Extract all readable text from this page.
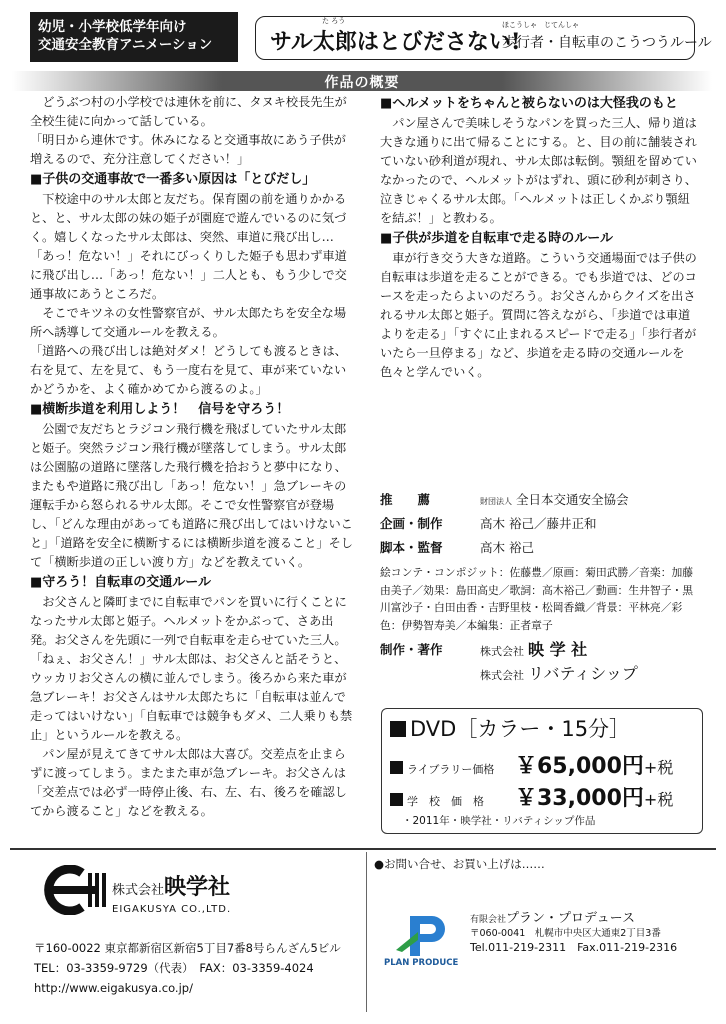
幼児・小学校低学年向け
交通安全教育アニメーション
た ろう
サル太郎はとびださない!
ほこうしゃ　じてんしゃ
歩行者・自転車のこうつうルール
作品の概要

どうぶつ村の小学校では連休を前に、タヌキ校長先生が全校生徒に向かって話している。

「明日から連休です。休みになると交通事故にあう子供が増えるので、充分注意してください！」

■子供の交通事故で一番多い原因は「とびだし」

下校途中のサル太郎と友だち。保育園の前を通りかかると、と、サル太郎の妹の姫子が園庭で遊んでいるのに気づく。嬉しくなったサル太郎は、突然、車道に飛び出し…「あっ！危ない！」それにびっくりした姫子も思わず車道に飛び出し…「あっ！危ない！」二人とも、もう少しで交通事故にあうところだ。

そこでキツネの女性警察官が、サル太郎たちを安全な場所へ誘導して交通ルールを教える。

「道路への飛び出しは絶対ダメ！どうしても渡るときは、右を見て、左を見て、もう一度右を見て、車が来ていないかどうかを、よく確かめてから渡るのよ。」

■横断歩道を利用しよう！　信号を守ろう！

公園で友だちとラジコン飛行機を飛ばしていたサル太郎と姫子。突然ラジコン飛行機が墜落してしまう。サル太郎は公園脇の道路に墜落した飛行機を拾おうと夢中になり、またもや道路に飛び出し「あっ！危ない！」急ブレーキの運転手から怒られるサル太郎。そこで女性警察官が登場し、「どんな理由があっても道路に飛び出してはいけないこと」「道路を安全に横断するには横断歩道を渡ること」そして「横断歩道の正しい渡り方」などを教えていく。

■守ろう！自転車の交通ルール

お父さんと隣町までに自転車でパンを買いに行くことになったサル太郎と姫子。ヘルメットをかぶって、さあ出発。お父さんを先頭に一列で自転車を走らせていた三人。「ねぇ、お父さん！」サル太郎は、お父さんと話そうと、ウッカリお父さんの横に並んでしまう。後ろから来た車が急ブレーキ！お父さんはサル太郎たちに「自転車は並んで走ってはいけない」「自転車では競争もダメ、二人乗りも禁止」というルールを教える。

パン屋が見えてきてサル太郎は大喜び。交差点を止まらずに渡ってしまう。またまた車が急ブレーキ。お父さんは「交差点では必ず一時停止後、右、左、右、後ろを確認してから渡ること」などを教える。

■ヘルメットをちゃんと被らないのは大怪我のもと

パン屋さんで美味しそうなパンを買った三人、帰り道は大きな通りに出て帰ることにする。と、目の前に舗装されていない砂利道が現れ、サル太郎は転倒。顎紐を留めていなかったので、ヘルメットがはずれ、頭に砂利が刺さり、泣きじゃくるサル太郎。「ヘルメットは正しくかぶり顎紐を結ぶ！」と教わる。

■子供が歩道を自転車で走る時のルール

車が行き交う大きな道路。こういう交通場面では子供の自転車は歩道を走ることができる。でも歩道では、どのコースを走ったらよいのだろう。お父さんからクイズを出されるサル太郎と姫子。質問に答えながら、「歩道では車道よりを走る」「すぐに止まれるスピードで走る」「歩行者がいたら一旦停まる」など、歩道を走る時の交通ルールを色々と学んでいく。

推　　薦	財団法人 全日本交通安全協会
企画・制作	高木 裕己／藤井正和
脚本・監督	高木 裕己
絵コンテ・コンポジット：佐藤豊／原画：菊田武勝／音楽：加藤由美子／効果：島田高史／歌詞：高木裕己／動画：生井智子・黒川富沙子・白田由香・吉野里枝・松岡香織／背景：平林亮／彩色：伊勢智寿美／本編集：正者章子
制作・著作	株式会社 映 学 社
株式会社 リバティシップ
DVD［カラー・15分］
ライブラリー価格 ￥65,000円+税
学　校　価　格 ￥33,000円+税
・2011年・映学社・リバティシップ作品
株式会社映学社
EIGAKUSYA CO.,LTD.
〒160-0022 東京都新宿区新宿5丁目7番8号らんざん5ビル
TEL：03-3359-9729（代表）　FAX：03-3359-4024
http://www.eigakusya.co.jp/
●お問い合せ、お買い上げは……
PLAN PRODUCE
有限会社プラン・プロデュース
〒060-0041　札幌市中央区大通東2丁目3番
Tel.011-219-2311　Fax.011-219-2316
